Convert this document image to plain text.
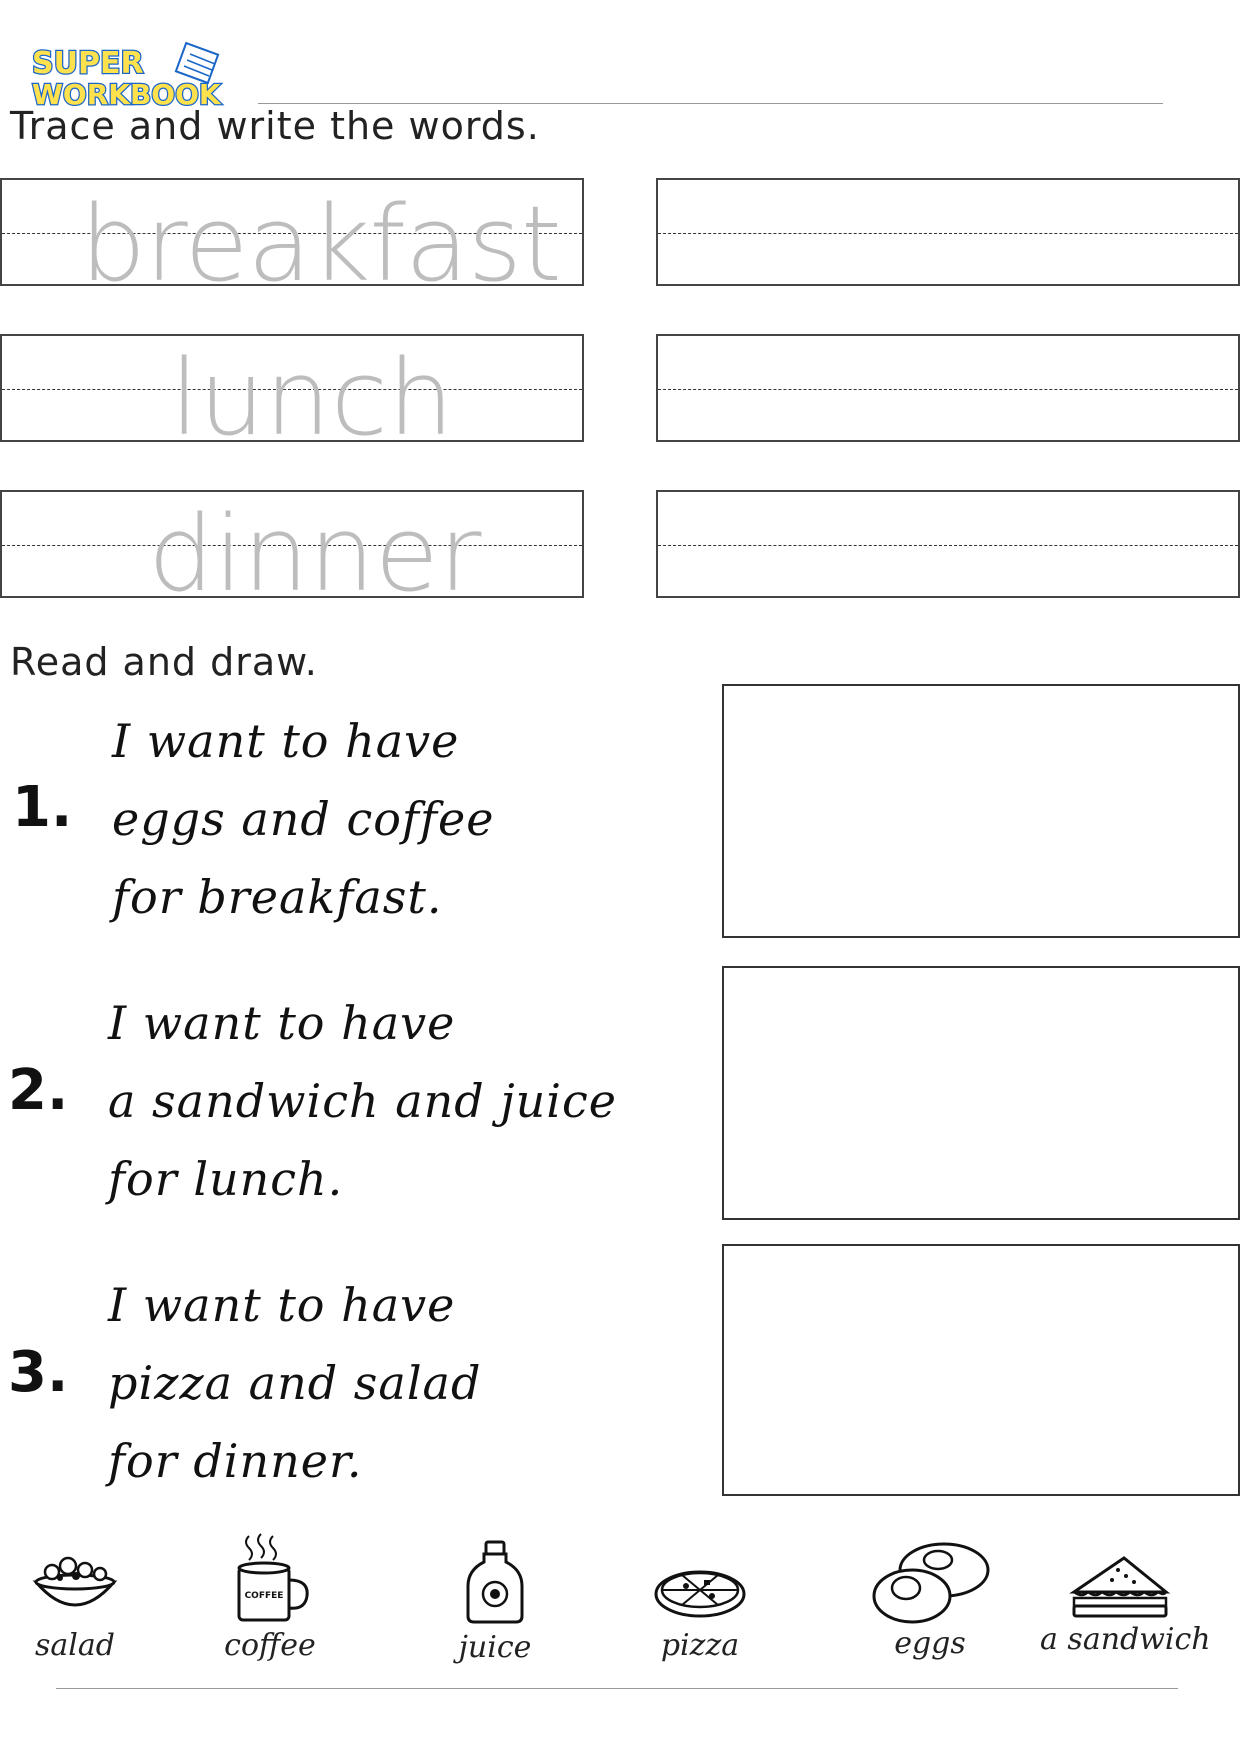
SUPER
WORKBOOK
Trace and write the words.
breakfast
lunch
dinner
Read and draw.
1.
I want to have
eggs and coffee
for breakfast.
2.
I want to have
a sandwich and juice
for lunch.
3.
I want to have
pizza and salad
for dinner.
salad
COFFEE
coffee	juice	pizza	eggs	a sandwich
